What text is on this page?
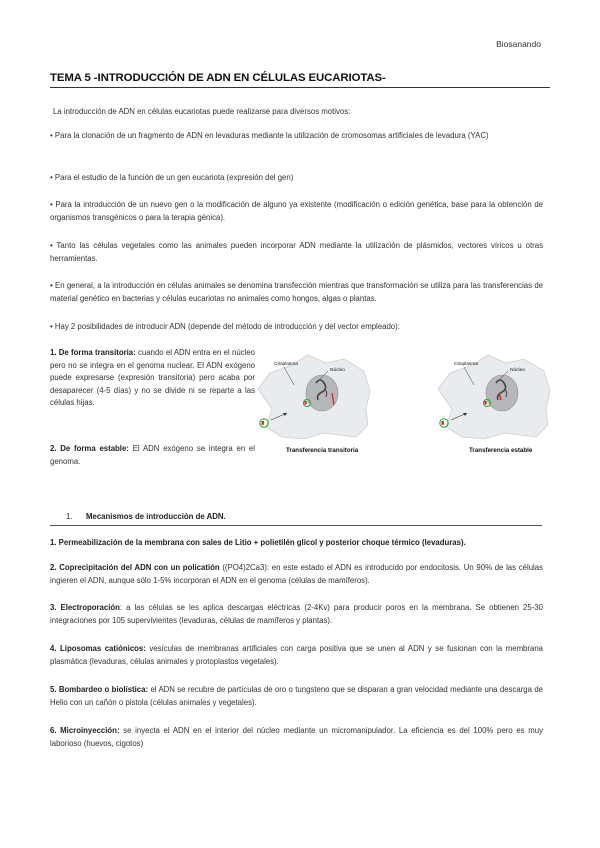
Biosanando
TEMA 5 -INTRODUCCIÓN DE ADN EN CÉLULAS EUCARIOTAS-
La introducción de ADN en células eucariotas puede realizarse para diversos motivos:
• Para la clonación de un fragmento de ADN en levaduras mediante la utilización de cromosomas artificiales de levadura (YAC)
• Para el estudio de la función de un gen eucariota (expresión del gen)
• Para la introducción de un nuevo gen o la modificación de alguno ya existente (modificación o edición genética, base para la obtención de organismos transgénicos o para la terapia génica).
• Tanto las células vegetales como las animales pueden incorporar ADN mediante la utilización de plásmidos, vectores víricos u otras herramientas.
• En general, a la introducción en células animales se denomina transfección mientras que transformación se utiliza para las transferencias de material genético en bacterias y células eucariotas no animales como hongos, algas o plantas.
• Hay 2 posibilidades de introducir ADN (depende del método de introducción y del vector empleado):
1. De forma transitoria: cuando el ADN entra en el núcleo pero no se integra en el genoma nuclear. El ADN exógeno puede expresarse (expresión transitoria) pero acaba por desaparecer (4-5 días) y no se divide ni se reparte a las células hijas.
2. De forma estable: El ADN exógeno se integra en el genoma.
Citoplasma
Núcleo
Transferencia transitoria
Citoplasma
Núcleo
Transferencia estable
1. Mecanismos de introducción de ADN.
1. Permeabilización de la membrana con sales de Litio + polietilén glicol y posterior choque térmico (levaduras).
2. Coprecipitación del ADN con un policatión ((PO4)2Ca3): en este estado el ADN es introducido por endocitosis. Un 90% de las células ingieren el ADN, aunque sólo 1-5% incorporan el ADN en el genoma (células de mamíferos).
3. Electroporación: a las células se les aplica descargas eléctricas (2-4Kv) para producir poros en la membrana. Se obtienen 25-30 integraciones por 105 supervivientes (levaduras, células de mamíferos y plantas).
4. Liposomas catiónicos: vesículas de membranas artificiales con carga positiva que se unen al ADN y se fusionan con la membrana plasmática (levaduras, células animales y protoplastos vegetales).
5. Bombardeo o biolística: el ADN se recubre de partículas de oro o tungsteno que se disparan a gran velocidad mediante una descarga de Helio con un cañón o pistola (células animales y vegetales).
6. Microinyección: se inyecta el ADN en el interior del núcleo mediante un micromanipulador. La eficiencia es del 100% pero es muy laborioso (huevos, cigotos)
